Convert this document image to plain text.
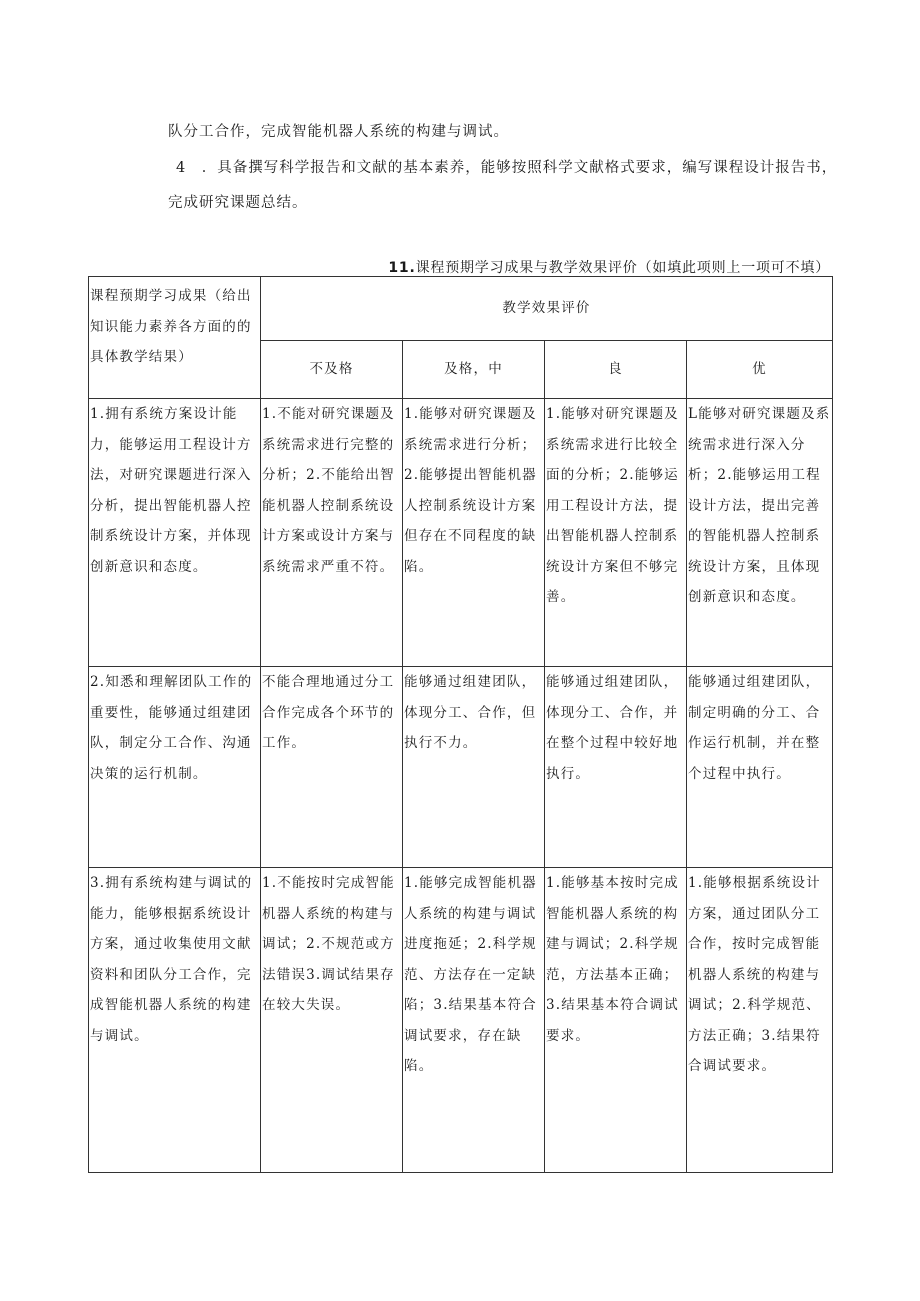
队分工合作，完成智能机器人系统的构建与调试。
4　．具备撰写科学报告和文献的基本素养，能够按照科学文献格式要求，编写课程设计报告书，
完成研究课题总结。
11.课程预期学习成果与教学效果评价（如填此项则上一项可不填）
课程预期学习成果（给出知识能力素养各方面的的具体教学结果）	教学效果评价			
	不及格	及格，中	良	优
1.拥有系统方案设计能力，能够运用工程设计方法，对研究课题进行深入分析，提出智能机器人控制系统设计方案，并体现创新意识和态度。	1.不能对研究课题及系统需求进行完整的分析；2.不能给出智能机器人控制系统设计方案或设计方案与系统需求严重不符。	1.能够对研究课题及系统需求进行分析；2.能够提出智能机器人控制系统设计方案但存在不同程度的缺陷。	1.能够对研究课题及系统需求进行比较全面的分析；2.能够运用工程设计方法，提出智能机器人控制系统设计方案但不够完善。	L能够对研究课题及系统需求进行深入分析；2.能够运用工程设计方法，提出完善的智能机器人控制系统设计方案，且体现创新意识和态度。
2.知悉和理解团队工作的重要性，能够通过组建团队，制定分工合作、沟通决策的运行机制。	不能合理地通过分工合作完成各个环节的工作。	能够通过组建团队，体现分工、合作，但执行不力。	能够通过组建团队，体现分工、合作，并在整个过程中较好地执行。	能够通过组建团队，制定明确的分工、合作运行机制，并在整个过程中执行。
3.拥有系统构建与调试的能力，能够根据系统设计方案，通过收集使用文献资料和团队分工合作，完成智能机器人系统的构建与调试。	1.不能按时完成智能机器人系统的构建与调试；2.不规范或方法错误3.调试结果存在较大失误。	1.能够完成智能机器人系统的构建与调试进度拖延；2.科学规范、方法存在一定缺陷；3.结果基本符合调试要求，存在缺陷。	1.能够基本按时完成智能机器人系统的构建与调试；2.科学规范，方法基本正确；3.结果基本符合调试要求。	1.能够根据系统设计方案，通过团队分工合作，按时完成智能机器人系统的构建与调试；2.科学规范、方法正确；3.结果符合调试要求。
